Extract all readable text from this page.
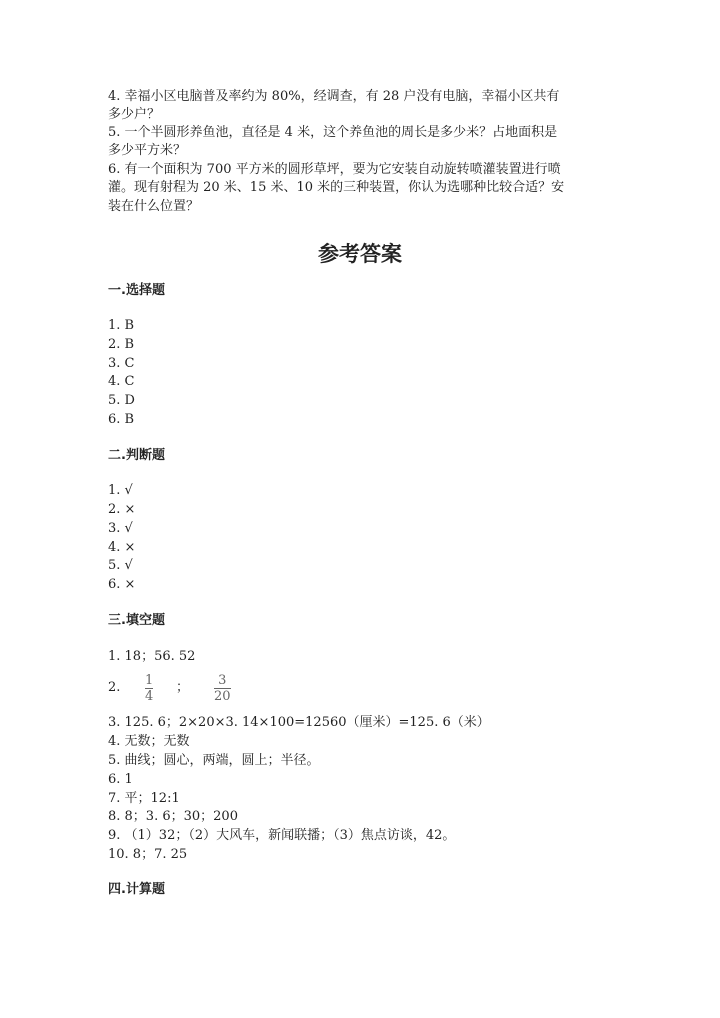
4. 幸福小区电脑普及率约为 80%，经调查，有 28 户没有电脑，幸福小区共有
多少户？
5. 一个半圆形养鱼池，直径是 4 米，这个养鱼池的周长是多少米？占地面积是
多少平方米？
6. 有一个面积为 700 平方米的圆形草坪，要为它安装自动旋转喷灌装置进行喷
灌。现有射程为 20 米、15 米、10 米的三种装置，你认为选哪种比较合适？安
装在什么位置？
参考答案
一.选择题
1. B
2. B
3. C
4. C
5. D
6. B
二.判断题
1. √
2. ×
3. √
4. ×
5. √
6. ×
三.填空题
1. 18；56. 52
2. 1
4
； 3
20
3. 125. 6；2×20×3. 14×100=12560（厘米）=125. 6（米）
4. 无数；无数
5. 曲线；圆心，两端，圆上；半径。
6. 1
7. 平；12:1
8. 8；3. 6；30；200
9. （1）32；（2）大风车，新闻联播；（3）焦点访谈，42。
10. 8；7. 25
四.计算题
